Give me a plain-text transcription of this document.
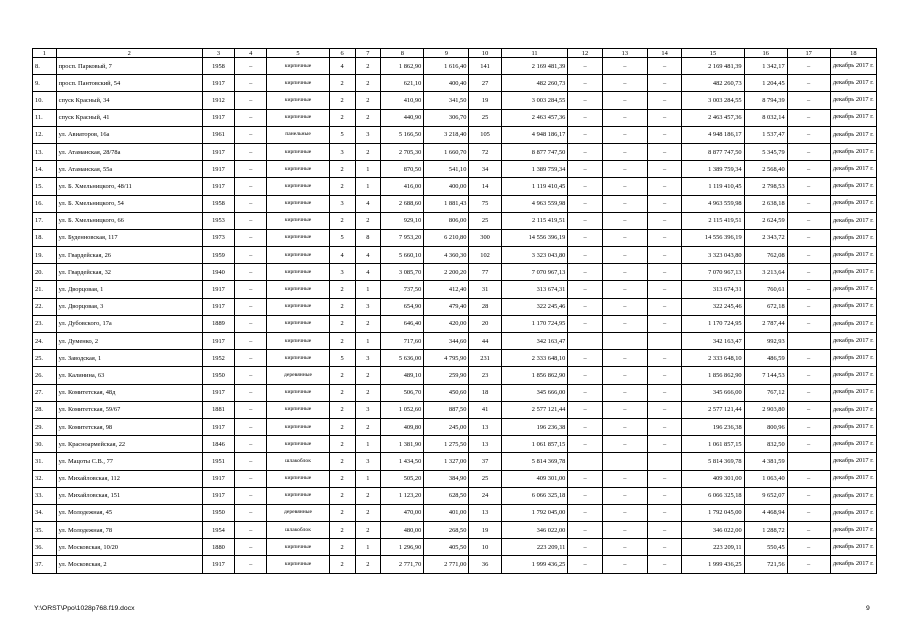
1	2	3	4	5	6	7	8	9	10	11	12	13	14	15	16	17	18
8.	просп. Парковый, 7	1958	–	кирпичные	4	2	1 862,90	1 616,40	141	2 169 481,39	–	–	–	2 169 481,39	1 342,17	–	декабрь 2017 г.
9.	просп. Пантовский, 54	1917	–	кирпичные	2	2	621,10	400,40	27	482 260,73	–	–	–	482 260,73	1 204,45	–	декабрь 2017 г.
10.	спуск Красный, 34	1912	–	кирпичные	2	2	410,90	341,50	19	3 003 284,55	–	–	–	3 003 284,55	8 794,39	–	декабрь 2017 г.
11.	спуск Красный, 41	1917	–	кирпичные	2	2	440,90	306,70	25	2 463 457,36	–	–	–	2 463 457,36	8 032,14	–	декабрь 2017 г.
12.	ул. Авиаторов, 16а	1961	–	панельные	5	3	5 166,50	3 218,40	105	4 948 186,17	–	–	–	4 948 186,17	1 537,47	–	декабрь 2017 г.
13.	ул. Атаманская, 28/78а	1917	–	кирпичные	3	2	2 705,30	1 660,70	72	8 877 747,50	–	–	–	8 877 747,50	5 345,79	–	декабрь 2017 г.
14.	ул. Атаманская, 55а	1917	–	кирпичные	2	1	870,50	541,10	34	1 389 759,34	–	–	–	1 389 759,34	2 568,40	–	декабрь 2017 г.
15.	ул. Б. Хмельницкого, 48/11	1917	–	кирпичные	2	1	416,00	400,00	14	1 119 410,45	–	–	–	1 119 410,45	2 798,53	–	декабрь 2017 г.
16.	ул. Б. Хмельницкого, 54	1958	–	кирпичные	3	4	2 688,60	1 881,43	75	4 963 559,98	–	–	–	4 963 559,98	2 638,18	–	декабрь 2017 г.
17.	ул. Б. Хмельницкого, 66	1953	–	кирпичные	2	2	929,10	806,00	25	2 115 419,51	–	–	–	2 115 419,51	2 624,59	–	декабрь 2017 г.
18.	ул. Буденновская, 117	1973	–	кирпичные	5	8	7 953,20	6 210,80	300	14 556 396,19	–	–	–	14 556 396,19	2 343,72	–	декабрь 2017 г.
19.	ул. Гвардейская, 26	1959	–	кирпичные	4	4	5 660,10	4 360,30	102	3 323 043,80	–	–	–	3 323 043,80	762,08	–	декабрь 2017 г.
20.	ул. Гвардейская, 32	1940	–	кирпичные	3	4	3 085,70	2 200,20	77	7 070 967,13	–	–	–	7 070 967,13	3 213,64	–	декабрь 2017 г.
21.	ул. Дворцовая, 1	1917	–	кирпичные	2	1	737,50	412,40	31	313 674,31	–	–	–	313 674,31	760,61	–	декабрь 2017 г.
22.	ул. Дворцовая, 3	1917	–	кирпичные	2	3	654,90	479,40	28	322 245,46	–	–	–	322 245,46	672,18	–	декабрь 2017 г.
23.	ул. Дубовского, 17а	1889	–	кирпичные	2	2	646,40	420,00	20	1 170 724,95	–	–	–	1 170 724,95	2 787,44	–	декабрь 2017 г.
24.	ул. Думенко, 2	1917	–	кирпичные	2	1	717,60	344,60	44	342 163,47				342 163,47	992,93		декабрь 2017 г.
25.	ул. Заводская, 1	1952	–	кирпичные	5	3	5 636,00	4 795,90	231	2 333 648,10	–	–	–	2 333 648,10	486,59	–	декабрь 2017 г.
26.	ул. Калинина, 63	1950	–	деревянные	2	2	489,10	259,90	23	1 856 862,90	–	–	–	1 856 862,90	7 144,53	–	декабрь 2017 г.
27.	ул. Комитетская, 48д	1917	–	кирпичные	2	2	506,70	450,60	18	345 666,00	–	–	–	345 666,00	767,12	–	декабрь 2017 г.
28.	ул. Комитетская, 59/67	1881	–	кирпичные	2	3	1 052,60	887,50	41	2 577 121,44	–	–	–	2 577 121,44	2 903,80	–	декабрь 2017 г.
29.	ул. Комитетская, 98	1917	–	кирпичные	2	2	409,80	245,00	13	196 236,38	–	–	–	196 236,38	800,96	–	декабрь 2017 г.
30.	ул. Красноармейская, 22	1846	–	кирпичные	2	1	1 381,90	1 275,50	13	1 061 857,15	–	–	–	1 061 857,15	832,50	–	декабрь 2017 г.
31.	ул. Мацоты С.В., 77	1951	–	шлакоблок	2	3	1 434,50	1 327,00	37	5 814 369,78				5 814 369,78	4 381,59		декабрь 2017 г.
32.	ул. Михайловская, 112	1917	–	кирпичные	2	1	505,20	384,90	25	409 301,00	–	–	–	409 301,00	1 063,40	–	декабрь 2017 г.
33.	ул. Михайловская, 151	1917	–	кирпичные	2	2	1 123,20	628,50	24	6 066 325,18	–	–	–	6 066 325,18	9 652,07	–	декабрь 2017 г.
34.	ул. Молодежная, 45	1950	–	деревянные	2	2	470,00	401,00	13	1 792 045,00	–	–	–	1 792 045,00	4 468,94	–	декабрь 2017 г.
35.	ул. Молодежная, 78	1954	–	шлакоблок	2	2	480,00	268,50	19	346 022,00	–	–	–	346 022,00	1 288,72	–	декабрь 2017 г.
36.	ул. Московская, 10/20	1880	–	кирпичные	2	1	1 296,90	405,50	10	223 209,11	–	–	–	223 209,11	550,45	–	декабрь 2017 г.
37.	ул. Московская, 2	1917	–	кирпичные	2	2	2 771,70	2 771,00	36	1 999 436,25	–	–	–	1 999 436,25	721,56	–	декабрь 2017 г.
Y:\ORST\Ppo\1028p768.f19.docx	9
